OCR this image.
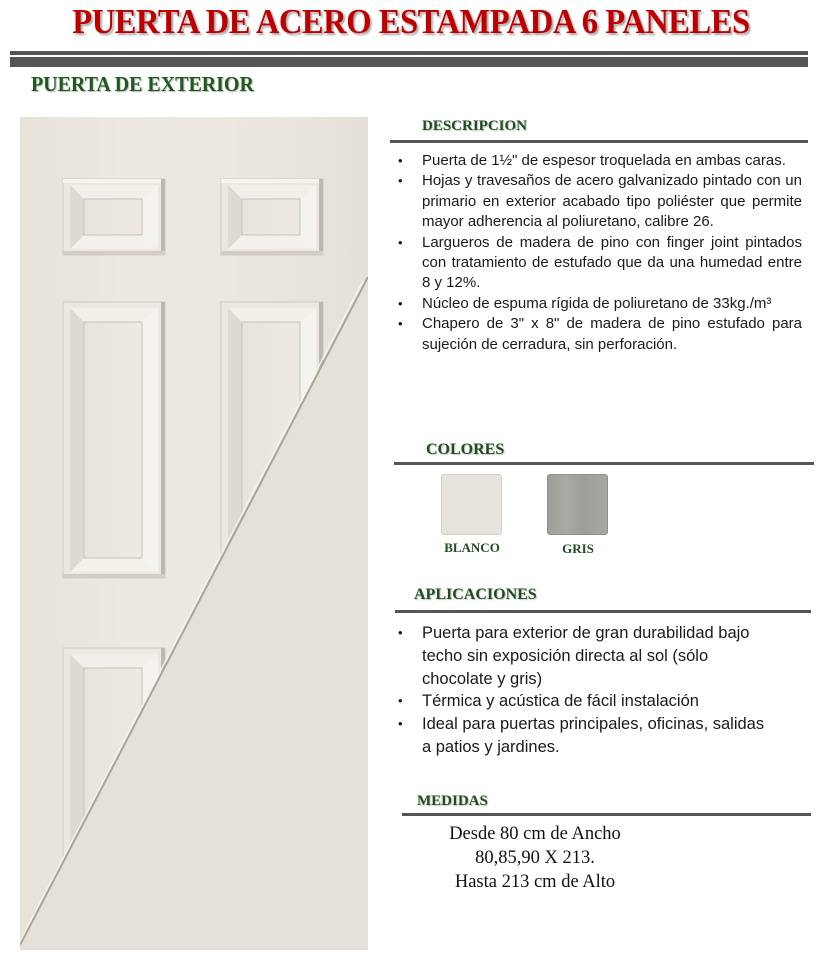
PUERTA DE ACERO ESTAMPADA 6 PANELES
PUERTA DE EXTERIOR
DESCRIPCION
• Puerta de 1½" de espesor troquelada en ambas caras.
• Hojas y travesaños de acero galvanizado pintado con un primario en exterior acabado tipo poliéster que permite mayor adherencia al poliuretano, calibre 26.
• Largueros de madera de pino con finger joint pintados con tratamiento de estufado que da una humedad entre 8 y 12%.
• Núcleo de espuma rígida de poliuretano de 33kg./m³
• Chapero de 3" x 8" de madera de pino estufado para sujeción de cerradura, sin perforación.
COLORES
BLANCO	GRIS
APLICACIONES
• Puerta para exterior de gran durabilidad bajo techo sin exposición directa al sol (sólo chocolate y gris)
• Térmica y acústica de fácil instalación
• Ideal para puertas principales, oficinas, salidas a patios y jardines.
MEDIDAS
Desde 80 cm de Ancho
80,85,90 X 213.
Hasta 213 cm de Alto
